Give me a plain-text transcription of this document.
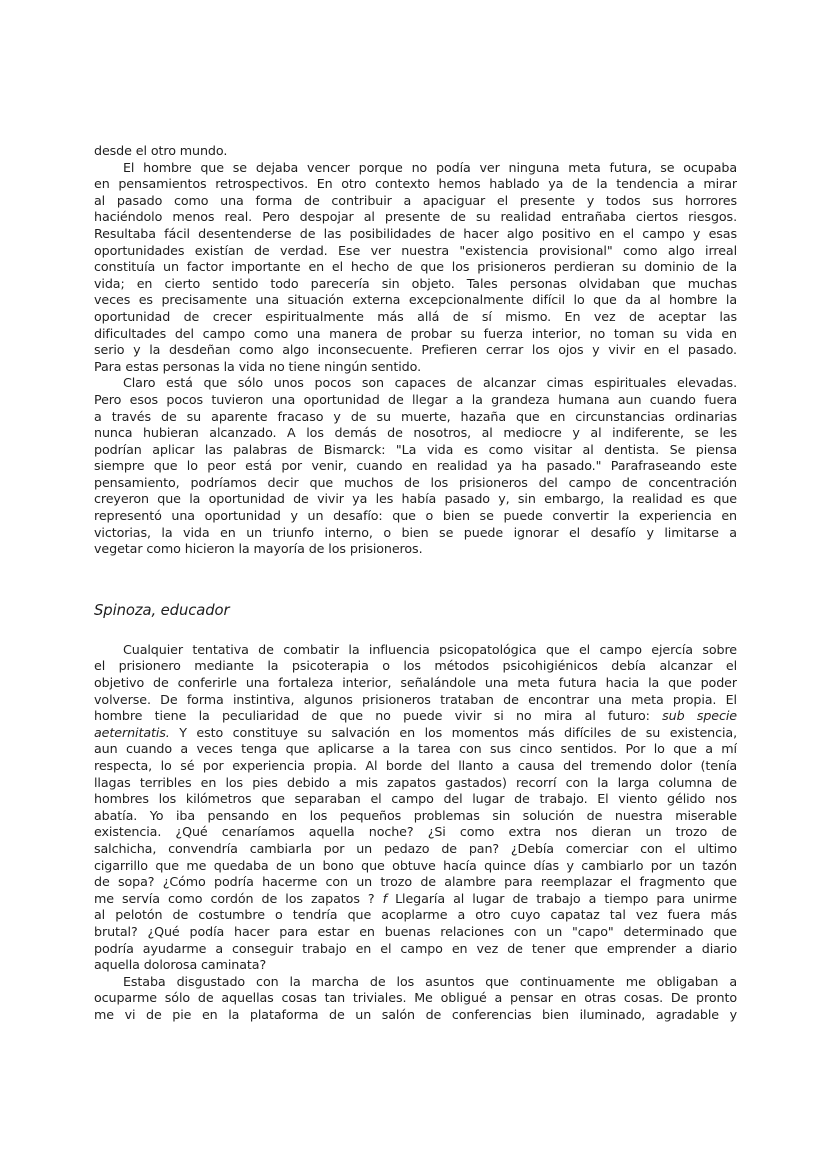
desde el otro mundo.
El hombre que se dejaba vencer porque no podía ver ninguna meta futura, se ocupaba
en pensamientos retrospectivos. En otro contexto hemos hablado ya de la tendencia a mirar
al pasado como una forma de contribuir a apaciguar el presente y todos sus horrores
haciéndolo menos real. Pero despojar al presente de su realidad entrañaba ciertos riesgos.
Resultaba fácil desentenderse de las posibilidades de hacer algo positivo en el campo y esas
oportunidades existían de verdad. Ese ver nuestra "existencia provisional" como algo irreal
constituía un factor importante en el hecho de que los prisioneros perdieran su dominio de la
vida; en cierto sentido todo parecería sin objeto. Tales personas olvidaban que muchas
veces es precisamente una situación externa excepcionalmente difícil lo que da al hombre la
oportunidad de crecer espiritualmente más allá de sí mismo. En vez de aceptar las
dificultades del campo como una manera de probar su fuerza interior, no toman su vida en
serio y la desdeñan como algo inconsecuente. Prefieren cerrar los ojos y vivir en el pasado.
Para estas personas la vida no tiene ningún sentido.
Claro está que sólo unos pocos son capaces de alcanzar cimas espirituales elevadas.
Pero esos pocos tuvieron una oportunidad de llegar a la grandeza humana aun cuando fuera
a través de su aparente fracaso y de su muerte, hazaña que en circunstancias ordinarias
nunca hubieran alcanzado. A los demás de nosotros, al mediocre y al indiferente, se les
podrían aplicar las palabras de Bismarck: "La vida es como visitar al dentista. Se piensa
siempre que lo peor está por venir, cuando en realidad ya ha pasado." Parafraseando este
pensamiento, podríamos decir que muchos de los prisioneros del campo de concentración
creyeron que la oportunidad de vivir ya les había pasado y, sin embargo, la realidad es que
representó una oportunidad y un desafío: que o bien se puede convertir la experiencia en
victorias, la vida en un triunfo interno, o bien se puede ignorar el desafío y limitarse a
vegetar como hicieron la mayoría de los prisioneros.
Spinoza, educador
Cualquier tentativa de combatir la influencia psicopatológica que el campo ejercía sobre
el prisionero mediante la psicoterapia o los métodos psicohigiénicos debía alcanzar el
objetivo de conferirle una fortaleza interior, señalándole una meta futura hacia la que poder
volverse. De forma instintiva, algunos prisioneros trataban de encontrar una meta propia. El
hombre tiene la peculiaridad de que no puede vivir si no mira al futuro: sub specie
aeternitatis. Y esto constituye su salvación en los momentos más difíciles de su existencia,
aun cuando a veces tenga que aplicarse a la tarea con sus cinco sentidos. Por lo que a mí
respecta, lo sé por experiencia propia. Al borde del llanto a causa del tremendo dolor (tenía
llagas terribles en los pies debido a mis zapatos gastados) recorrí con la larga columna de
hombres los kilómetros que separaban el campo del lugar de trabajo. El viento gélido nos
abatía. Yo iba pensando en los pequeños problemas sin solución de nuestra miserable
existencia. ¿Qué cenaríamos aquella noche? ¿Si como extra nos dieran un trozo de
salchicha, convendría cambiarla por un pedazo de pan? ¿Debía comerciar con el ultimo
cigarrillo que me quedaba de un bono que obtuve hacía quince días y cambiarlo por un tazón
de sopa? ¿Cómo podría hacerme con un trozo de alambre para reemplazar el fragmento que
me servía como cordón de los zapatos ? f Llegaría al lugar de trabajo a tiempo para unirme
al pelotón de costumbre o tendría que acoplarme a otro cuyo capataz tal vez fuera más
brutal? ¿Qué podía hacer para estar en buenas relaciones con un "capo" determinado que
podría ayudarme a conseguir trabajo en el campo en vez de tener que emprender a diario
aquella dolorosa caminata?
Estaba disgustado con la marcha de los asuntos que continuamente me obligaban a
ocuparme sólo de aquellas cosas tan triviales. Me obligué a pensar en otras cosas. De pronto
me vi de pie en la plataforma de un salón de conferencias bien iluminado, agradable y
